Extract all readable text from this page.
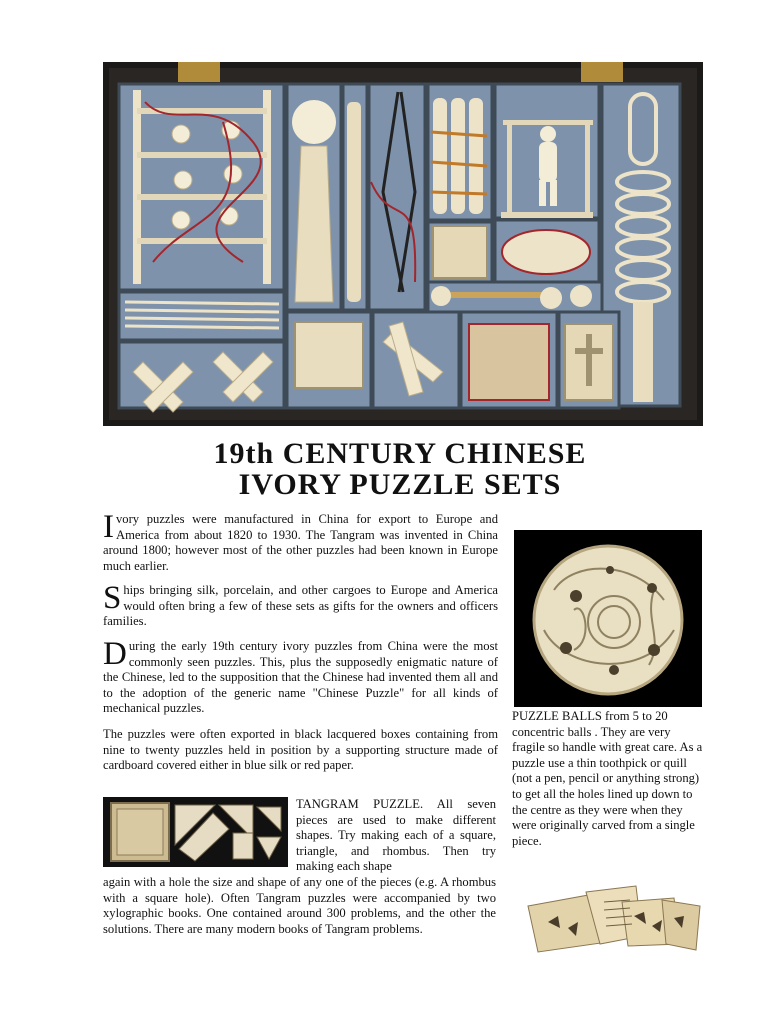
19th CENTURY CHINESE
IVORY PUZZLE SETS

Ivory puzzles were manufactured in China for export to Europe and America from about 1820 to 1930. The Tangram was invented in China around 1800; however most of the other puzzles had been known in Europe much earlier.

Ships bringing silk, porcelain, and other cargoes to Europe and America would often bring a few of these sets as gifts for the owners and officers families.

During the early 19th century ivory puzzles from China were the most commonly seen puzzles. This, plus the supposedly enigmatic nature of the Chinese, led to the supposition that the Chinese had invented them all and to the adoption of the generic name "Chinese Puzzle" for all kinds of mechanical puzzles.

The puzzles were often exported in black lacquered boxes containing from nine to twenty puzzles held in position by a supporting structure made of cardboard covered either in blue silk or red paper.

TANGRAM PUZZLE. All seven pieces are used to make different shapes. Try making each of a square, triangle, and rhombus. Then try making each shape

again with a hole the size and shape of any one of the pieces (e.g. A rhombus with a square hole). Often Tangram puzzles were accompanied by two xylographic books. One contained around 300 problems, and the other the solutions. There are many modern books of Tangram problems.

PUZZLE BALLS from 5 to 20 concentric balls . They are very fragile so handle with great care. As a puzzle use a thin toothpick or quill (not a pen, pencil or anything strong) to get all the holes lined up down to the centre as they were when they were originally carved from a single piece.
